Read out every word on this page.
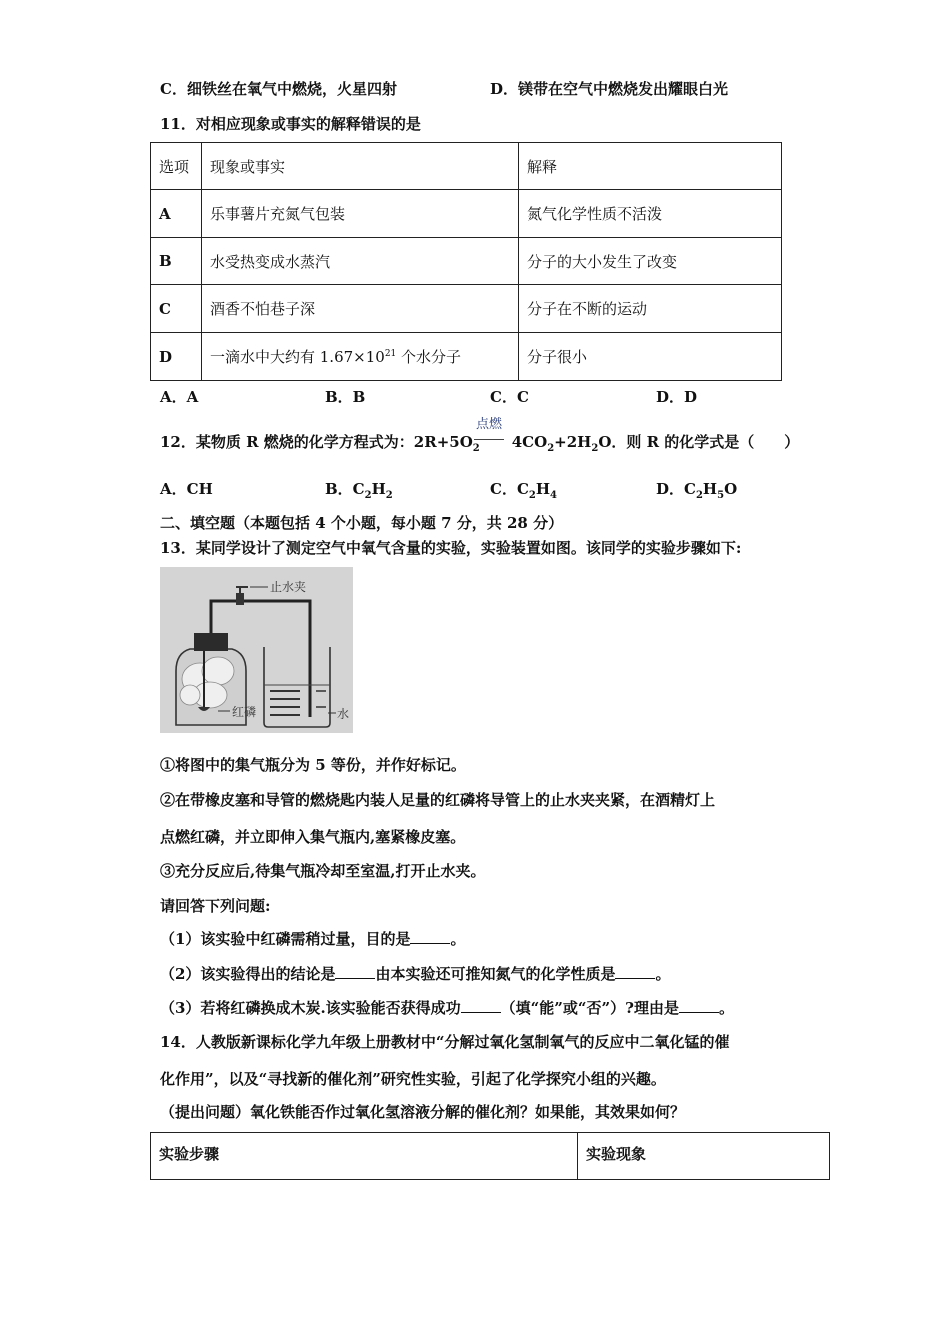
C．细铁丝在氧气中燃烧，火星四射	D．镁带在空气中燃烧发出耀眼白光
11．对相应现象或事实的解释错误的是
选项	现象或事实	解释
A	乐事薯片充氮气包装	氮气化学性质不活泼
B	水受热变成水蒸汽	分子的大小发生了改变
C	酒香不怕巷子深	分子在不断的运动
D	一滴水中大约有 $1.67\times 10^{21}$ 个水分子	分子很小
A．A	B．B	C．C	D．D
点燃
12．某物质 R 燃烧的化学方程式为：$2R+5O_2$ $4CO_2+2H_2O$．则 R 的化学式是（　　）
A．CH	B．$C_2H_2$	C．$C_2H_4$	D．$C_2H_5O$
二、填空题（本题包括 4 个小题，每小题 7 分，共 28 分）
13．某同学设计了测定空气中氧气含量的实验，实验装置如图。该同学的实验步骤如下:
止水夹
红磷	水
①将图中的集气瓶分为 5 等份，并作好标记。
②在带橡皮塞和导管的燃烧匙内装人足量的红磷将导管上的止水夹夹紧，在酒精灯上
点燃红磷，并立即伸入集气瓶内,塞紧橡皮塞。
③充分反应后,待集气瓶冷却至室温,打开止水夹。
请回答下列问题:
（1）该实验中红磷需稍过量，目的是	。
（2）该实验得出的结论是	由本实验还可推知氮气的化学性质是	。
（3）若将红磷换成木炭.该实验能否获得成功	（填“能”或“否”）?理由是	。
14．人教版新课标化学九年级上册教材中“分解过氧化氢制氧气的反应中二氧化锰的催
化作用”，以及“寻找新的催化剂”研究性实验，引起了化学探究小组的兴趣。
（提出问题）氧化铁能否作过氧化氢溶液分解的催化剂？如果能，其效果如何？
实验步骤	实验现象
